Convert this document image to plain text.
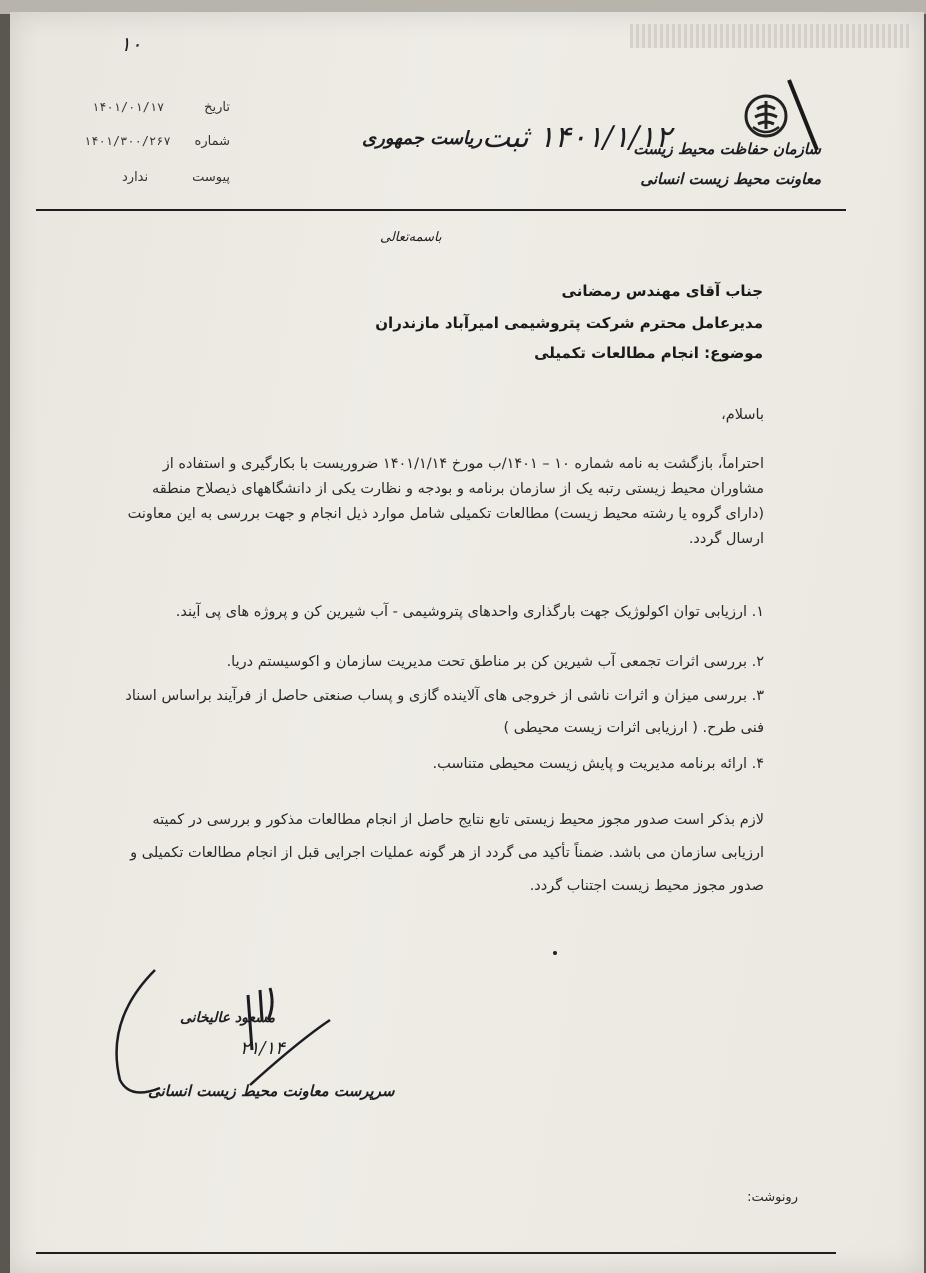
۱۰
سازمان حفاظت محیط زیست
معاونت محیط زیست انسانی
۱۴۰۱/۱/۱۲ ثبت
ریاست جمهوری
تاریخ
۱۴۰۱/۰۱/۱۷
شماره
۱۴۰۱/۳۰۰/۲۶۷
پیوست
ندارد
باسمه‌تعالی
جناب آقای مهندس رمضانی
مدیرعامل محترم شرکت پتروشیمی امیرآباد مازندران
موضوع: انجام مطالعات تکمیلی
باسلام،
احتراماً، بازگشت به نامه شماره ۱۰ – ۱۴۰۱/ب مورخ ۱۴۰۱/۱/۱۴ ضروریست با بکارگیری و استفاده از
مشاوران محیط زیستی رتبه یک از سازمان برنامه و بودجه و نظارت یکی از دانشگاههای ذیصلاح منطقه
(دارای گروه یا رشته محیط زیست) مطالعات تکمیلی شامل موارد ذیل انجام و جهت بررسی به این معاونت
ارسال گردد.
۱. ارزیابی توان اکولوژیک جهت بارگذاری واحدهای پتروشیمی - آب شیرین کن و پروژه های پی آیند.
۲. بررسی اثرات تجمعی آب شیرین کن بر مناطق تحت مدیریت سازمان و اکوسیستم دریا.
۳. بررسی میزان و اثرات ناشی از خروجی های آلاینده گازی و پساب صنعتی حاصل از فرآیند براساس اسناد
فنی طرح. ( ارزیابی اثرات زیست محیطی )
۴. ارائه برنامه مدیریت و پایش زیست محیطی متناسب.
لازم بذکر است صدور مجوز محیط زیستی تابع نتایج حاصل از انجام مطالعات مذکور و بررسی در کمیته
ارزیابی سازمان می باشد. ضمناً تأکید می گردد از هر گونه عملیات اجرایی قبل از انجام مطالعات تکمیلی و
صدور مجوز محیط زیست اجتناب گردد.
مسعود عالیخانی
۲۱/۱۴
سرپرست معاونت محیط زیست انسانی
رونوشت:
